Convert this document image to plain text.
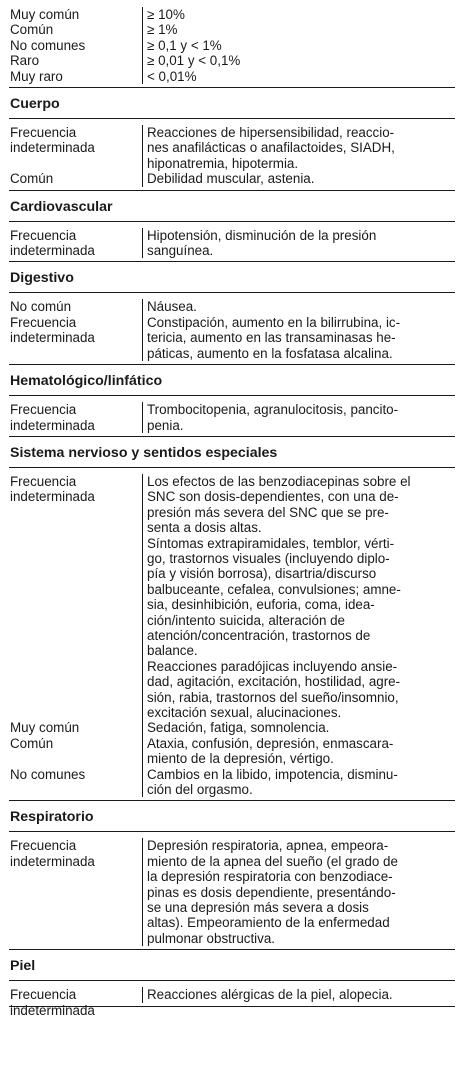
Muy común
Común
No comunes
Raro
Muy raro
≥ 10%
≥ 1%
≥ 0,1 y < 1%
≥ 0,01 y < 0,1%
< 0,01%
Cuerpo
Frecuencia
indeterminada
Común
Reacciones de hipersensibilidad, reaccio-
nes anafilácticas o anafilactoides, SIADH,
hiponatremia, hipotermia.
Debilidad muscular, astenia.
Cardiovascular
Frecuencia
indeterminada
Hipotensión, disminución de la presión
sanguínea.
Digestivo
No común
Frecuencia
indeterminada
Náusea.
Constipación, aumento en la bilirrubina, ic-
tericia, aumento en las transaminasas he-
páticas, aumento en la fosfatasa alcalina.
Hematológico/linfático
Frecuencia
indeterminada
Trombocitopenia, agranulocitosis, pancito-
penia.
Sistema nervioso y sentidos especiales
Frecuencia
indeterminada
Muy común
Común
No comunes
Los efectos de las benzodiacepinas sobre el
SNC son dosis-dependientes, con una de-
presión más severa del SNC que se pre-
senta a dosis altas.
Síntomas extrapiramidales, temblor, vérti-
go, trastornos visuales (incluyendo diplo-
pía y visión borrosa), disartria/discurso
balbuceante, cefalea, convulsiones; amne-
sia, desinhibición, euforia, coma, idea-
ción/intento suicida, alteración de
atención/concentración, trastornos de
balance.
Reacciones paradójicas incluyendo ansie-
dad, agitación, excitación, hostilidad, agre-
sión, rabia, trastornos del sueño/insomnio,
excitación sexual, alucinaciones.
Sedación, fatiga, somnolencia.
Ataxia, confusión, depresión, enmascara-
miento de la depresión, vértigo.
Cambios en la libido, impotencia, disminu-
ción del orgasmo.
Respiratorio
Frecuencia
indeterminada
Depresión respiratoria, apnea, empeora-
miento de la apnea del sueño (el grado de
la depresión respiratoria con benzodiace-
pinas es dosis dependiente, presentándo-
se una depresión más severa a dosis
altas). Empeoramiento de la enfermedad
pulmonar obstructiva.
Piel
Frecuencia
indeterminada
Reacciones alérgicas de la piel, alopecia.
